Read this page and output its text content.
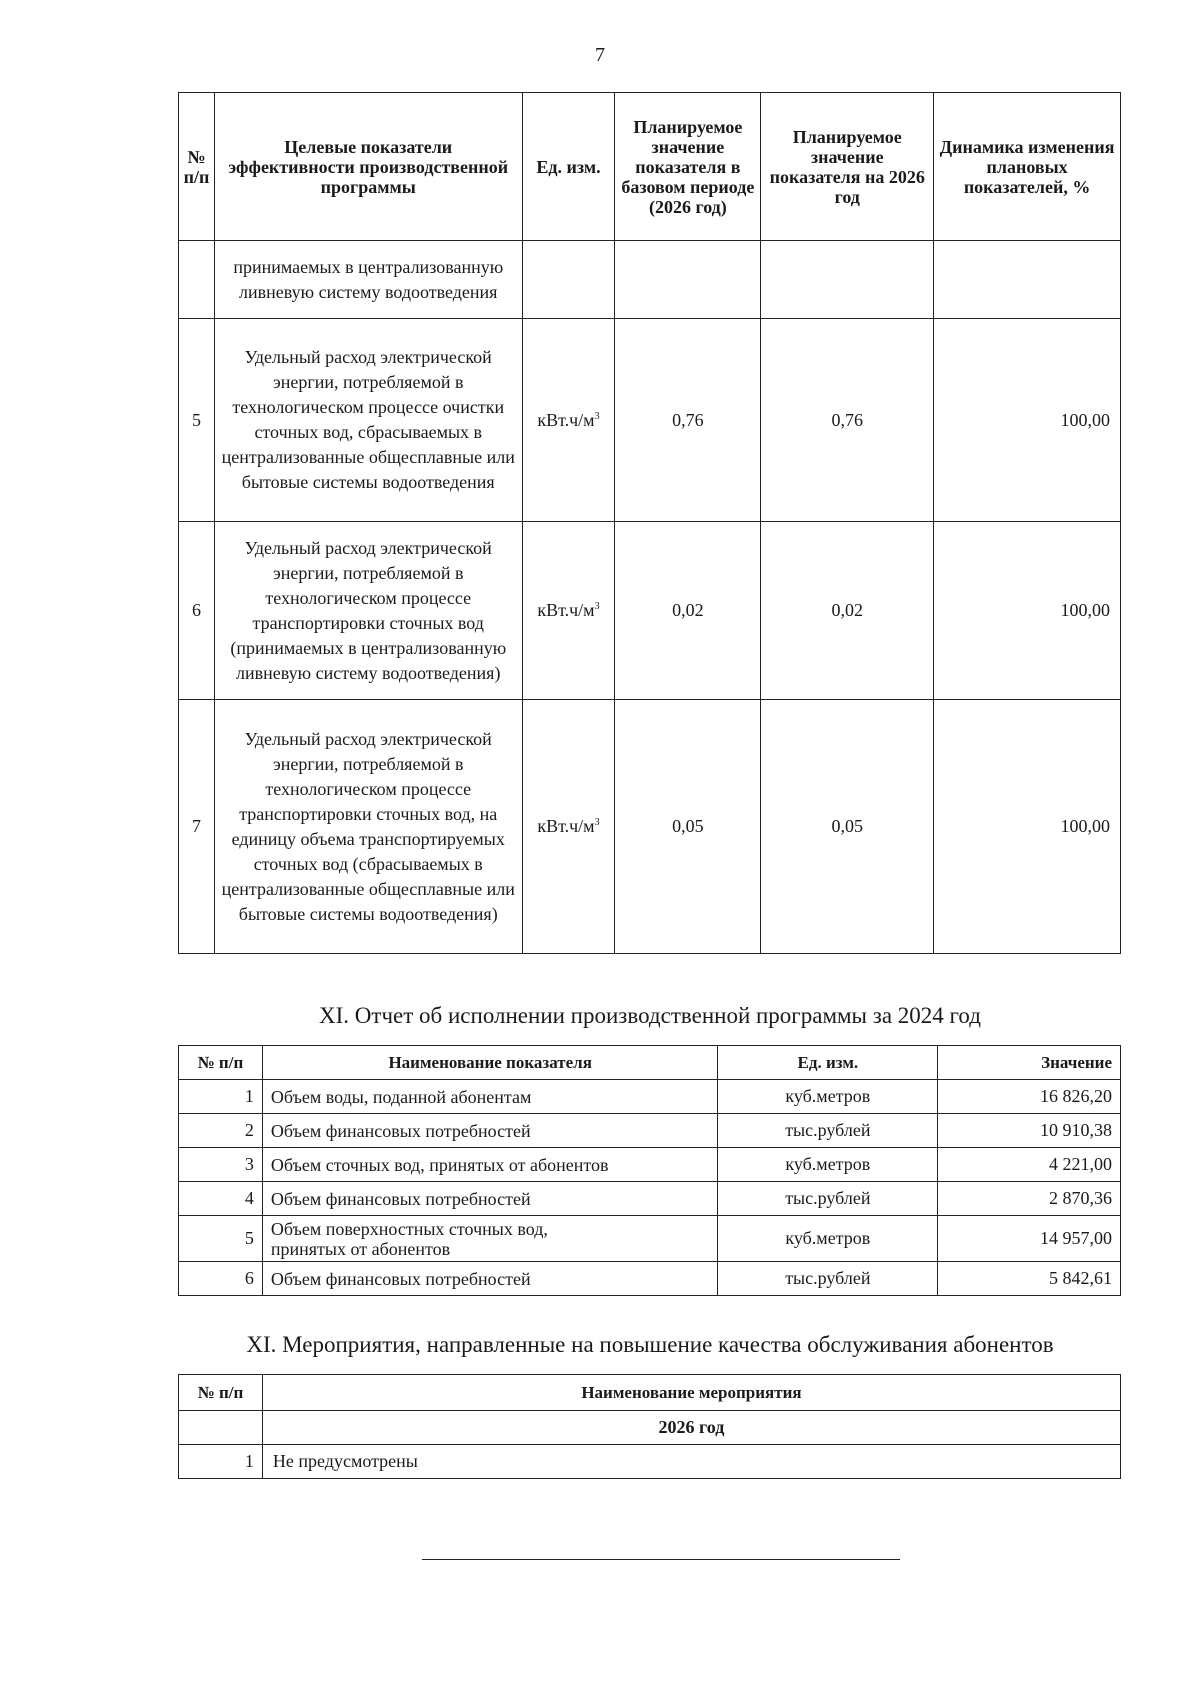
7
№ п/п	Целевые показатели эффективности производственной программы	Ед. изм.	Планируемое значение показателя в базовом периоде (2026 год)	Планируемое значение показателя на 2026 год	Динамика изменения плановых показателей, %
	принимаемых в централизованную ливневую систему водоотведения				
5	Удельный расход электрической энергии, потребляемой в технологическом процессе очистки сточных вод, сбрасываемых в централизованные общесплавные или бытовые системы водоотведения	$кВт.ч/м^3$	0,76	0,76	100,00
6	Удельный расход электрической энергии, потребляемой в технологическом процессе транспортировки сточных вод (принимаемых в централизованную ливневую систему водоотведения)	$кВт.ч/м^3$	0,02	0,02	100,00
7	Удельный расход электрической энергии, потребляемой в технологическом процессе транспортировки сточных вод, на единицу объема транспортируемых сточных вод (сбрасываемых в централизованные общесплавные или бытовые системы водоотведения)	$кВт.ч/м^3$	0,05	0,05	100,00
XI. Отчет об исполнении производственной программы за 2024 год
№ п/п	Наименование показателя	Ед. изм.	Значение
1	Объем воды, поданной абонентам	куб.метров	16 826,20
2	Объем финансовых потребностей	тыс.рублей	10 910,38
3	Объем сточных вод, принятых от абонентов	куб.метров	4 221,00
4	Объем финансовых потребностей	тыс.рублей	2 870,36
5	Объем поверхностных сточных вод, принятых от абонентов	куб.метров	14 957,00
6	Объем финансовых потребностей	тыс.рублей	5 842,61
XI. Мероприятия, направленные на повышение качества обслуживания абонентов
№ п/п	Наименование мероприятия
	2026 год
1	Не предусмотрены
